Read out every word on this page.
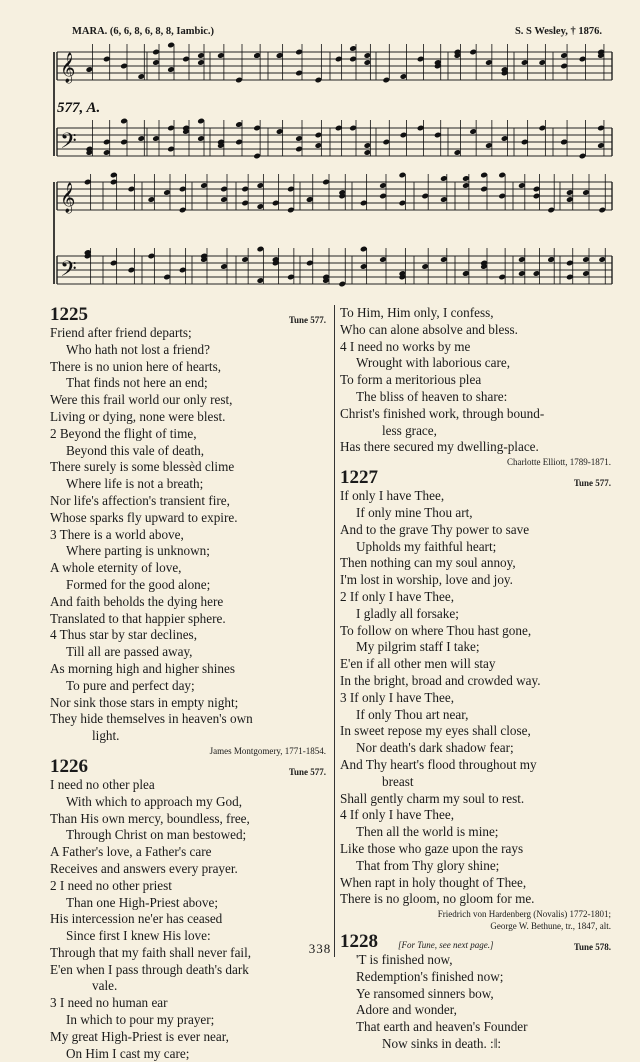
MARA. (6, 6, 8, 6, 8, 8, Iambic.)	S. S Wesley, † 1876.
𝄞
𝄢
𝄞
𝄢
577, A.
1225	Tune 577.
Friend after friend departs;
Who hath not lost a friend?
There is no union here of hearts,
That finds not here an end;
Were this frail world our only rest,
Living or dying, none were blest.
2 Beyond the flight of time,
Beyond this vale of death,
There surely is some blessèd clime
Where life is not a breath;
Nor life's affection's transient fire,
Whose sparks fly upward to expire.
3 There is a world above,
Where parting is unknown;
A whole eternity of love,
Formed for the good alone;
And faith beholds the dying here
Translated to that happier sphere.
4 Thus star by star declines,
Till all are passed away,
As morning high and higher shines
To pure and perfect day;
Nor sink those stars in empty night;
They hide themselves in heaven's own
light.
James Montgomery, 1771-1854.
1226	Tune 577.
I need no other plea
With which to approach my God,
Than His own mercy, boundless, free,
Through Christ on man bestowed;
A Father's love, a Father's care
Receives and answers every prayer.
2 I need no other priest
Than one High-Priest above;
His intercession ne'er has ceased
Since first I knew His love:
Through that my faith shall never fail,
E'en when I pass through death's dark
vale.
3 I need no human ear
In which to pour my prayer;
My great High-Priest is ever near,
On Him I cast my care;
To Him, Him only, I confess,
Who can alone absolve and bless.
4 I need no works by me
Wrought with laborious care,
To form a meritorious plea
The bliss of heaven to share:
Christ's finished work, through bound-
less grace,
Has there secured my dwelling-place.
Charlotte Elliott, 1789-1871.
1227	Tune 577.
If only I have Thee,
If only mine Thou art,
And to the grave Thy power to save
Upholds my faithful heart;
Then nothing can my soul annoy,
I'm lost in worship, love and joy.
2 If only I have Thee,
I gladly all forsake;
To follow on where Thou hast gone,
My pilgrim staff I take;
E'en if all other men will stay
In the bright, broad and crowded way.
3 If only I have Thee,
If only Thou art near,
In sweet repose my eyes shall close,
Nor death's dark shadow fear;
And Thy heart's flood throughout my
breast
Shall gently charm my soul to rest.
4 If only I have Thee,
Then all the world is mine;
Like those who gaze upon the rays
That from Thy glory shine;
When rapt in holy thought of Thee,
There is no gloom, no gloom for me.
Friedrich von Hardenberg (Novalis) 1772-1801;
George W. Bethune, tr., 1847, alt.
1228 [For Tune, see next page.]	Tune 578.
'T is finished now,
Redemption's finished now;
Ye ransomed sinners bow,
Adore and wonder,
That earth and heaven's Founder
Now sinks in death. :‖:
338
